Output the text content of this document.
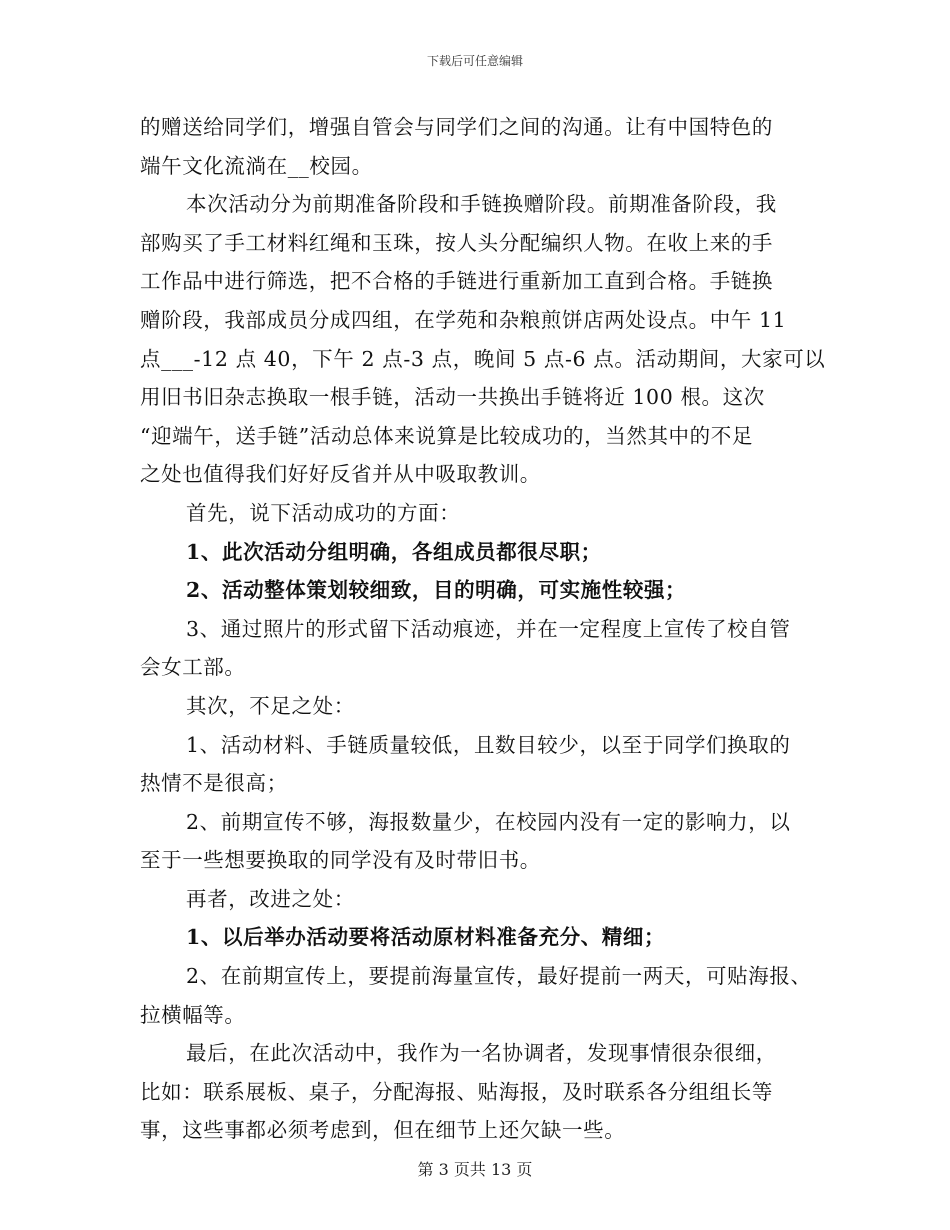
下载后可任意编辑
的赠送给同学们，增强自管会与同学们之间的沟通。让有中国特色的
端午文化流淌在__校园。
本次活动分为前期准备阶段和手链换赠阶段。前期准备阶段，我
部购买了手工材料红绳和玉珠，按人头分配编织人物。在收上来的手
工作品中进行筛选，把不合格的手链进行重新加工直到合格。手链换
赠阶段，我部成员分成四组，在学苑和杂粮煎饼店两处设点。中午 11
点___-12 点 40，下午 2 点-3 点，晚间 5 点-6 点。活动期间，大家可以
用旧书旧杂志换取一根手链，活动一共换出手链将近 100 根。这次
“迎端午，送手链”活动总体来说算是比较成功的，当然其中的不足
之处也值得我们好好反省并从中吸取教训。
首先，说下活动成功的方面：
1、此次活动分组明确，各组成员都很尽职；
2、活动整体策划较细致，目的明确，可实施性较强；
3、通过照片的形式留下活动痕迹，并在一定程度上宣传了校自管
会女工部。
其次，不足之处：
1、活动材料、手链质量较低，且数目较少，以至于同学们换取的
热情不是很高；
2、前期宣传不够，海报数量少，在校园内没有一定的影响力，以
至于一些想要换取的同学没有及时带旧书。
再者，改进之处：
1、以后举办活动要将活动原材料准备充分、精细；
2、在前期宣传上，要提前海量宣传，最好提前一两天，可贴海报、
拉横幅等。
最后，在此次活动中，我作为一名协调者，发现事情很杂很细，
比如：联系展板、桌子，分配海报、贴海报，及时联系各分组组长等
事，这些事都必须考虑到，但在细节上还欠缺一些。
第 3 页共 13 页
